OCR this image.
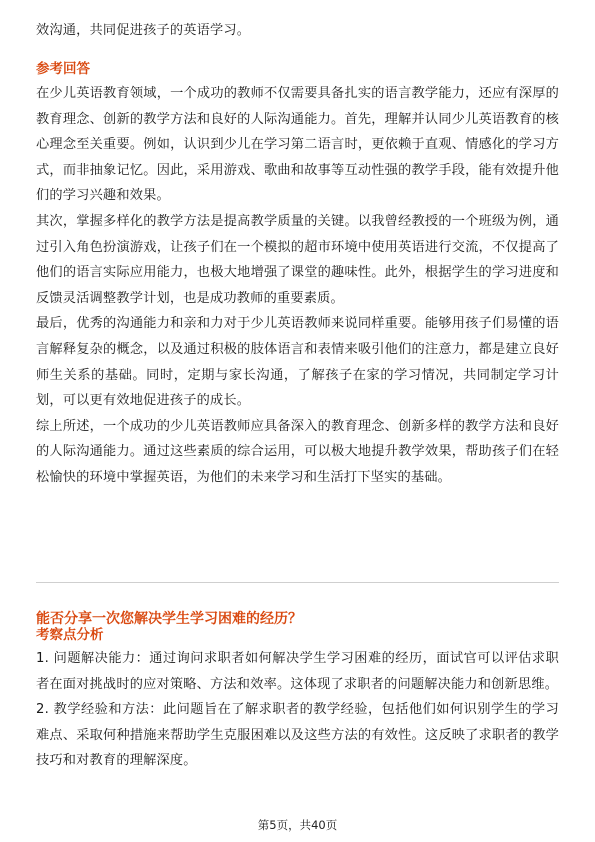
效沟通，共同促进孩子的英语学习。

参考回答

在少儿英语教育领域，一个成功的教师不仅需要具备扎实的语言教学能力，还应有深厚的教育理念、创新的教学方法和良好的人际沟通能力。首先，理解并认同少儿英语教育的核心理念至关重要。例如，认识到少儿在学习第二语言时，更依赖于直观、情感化的学习方式，而非抽象记忆。因此，采用游戏、歌曲和故事等互动性强的教学手段，能有效提升他们的学习兴趣和效果。

其次，掌握多样化的教学方法是提高教学质量的关键。以我曾经教授的一个班级为例，通过引入角色扮演游戏，让孩子们在一个模拟的超市环境中使用英语进行交流，不仅提高了他们的语言实际应用能力，也极大地增强了课堂的趣味性。此外，根据学生的学习进度和反馈灵活调整教学计划，也是成功教师的重要素质。

最后，优秀的沟通能力和亲和力对于少儿英语教师来说同样重要。能够用孩子们易懂的语言解释复杂的概念，以及通过积极的肢体语言和表情来吸引他们的注意力，都是建立良好师生关系的基础。同时，定期与家长沟通，了解孩子在家的学习情况，共同制定学习计划，可以更有效地促进孩子的成长。

综上所述，一个成功的少儿英语教师应具备深入的教育理念、创新多样的教学方法和良好的人际沟通能力。通过这些素质的综合运用，可以极大地提升教学效果，帮助孩子们在轻松愉快的环境中掌握英语，为他们的未来学习和生活打下坚实的基础。

能否分享一次您解决学生学习困难的经历？

考察点分析

1. 问题解决能力：通过询问求职者如何解决学生学习困难的经历，面试官可以评估求职者在面对挑战时的应对策略、方法和效率。这体现了求职者的问题解决能力和创新思维。

2. 教学经验和方法：此问题旨在了解求职者的教学经验，包括他们如何识别学生的学习难点、采取何种措施来帮助学生克服困难以及这些方法的有效性。这反映了求职者的教学技巧和对教育的理解深度。

第5页，共40页
